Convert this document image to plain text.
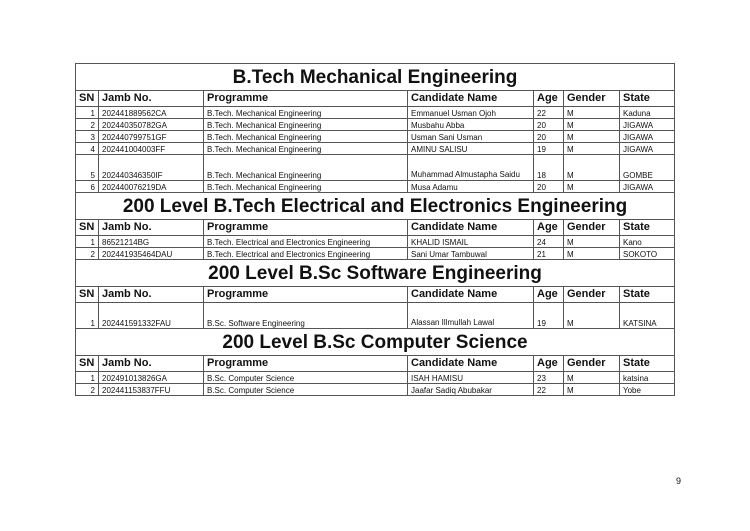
B.Tech Mechanical Engineering						
SN	Jamb No.	Programme	Candidate Name	Age	Gender	State
1	202441889562CA	B.Tech. Mechanical Engineering	Emmanuel Usman Ojoh	22	M	Kaduna
2	202440350782GA	B.Tech. Mechanical Engineering	Musbahu Abba	20	M	JIGAWA
3	202440799751GF	B.Tech. Mechanical Engineering	Usman Sani Usman	20	M	JIGAWA
4	202441004003FF	B.Tech. Mechanical Engineering	AMINU SALISU	19	M	JIGAWA
5	202440346350IF	B.Tech. Mechanical Engineering	Muhammad Almustapha Saidu	18	M	GOMBE
6	202440076219DA	B.Tech. Mechanical Engineering	Musa Adamu	20	M	JIGAWA
200 Level B.Tech Electrical and Electronics Engineering						
SN	Jamb No.	Programme	Candidate Name	Age	Gender	State
1	86521214BG	B.Tech. Electrical and Electronics Engineering	KHALID ISMAIL	24	M	Kano
2	202441935464DAU	B.Tech. Electrical and Electronics Engineering	Sani Umar Tambuwal	21	M	SOKOTO
200 Level B.Sc Software Engineering						
SN	Jamb No.	Programme	Candidate Name	Age	Gender	State
1	202441591332FAU	B.Sc. Software Engineering	Alassan Illmullah Lawal	19	M	KATSINA
200 Level B.Sc Computer Science						
SN	Jamb No.	Programme	Candidate Name	Age	Gender	State
1	202491013826GA	B.Sc. Computer Science	ISAH HAMISU	23	M	katsina
2	202441153837FFU	B.Sc. Computer Science	Jaafar Sadiq Abubakar	22	M	Yobe
9
